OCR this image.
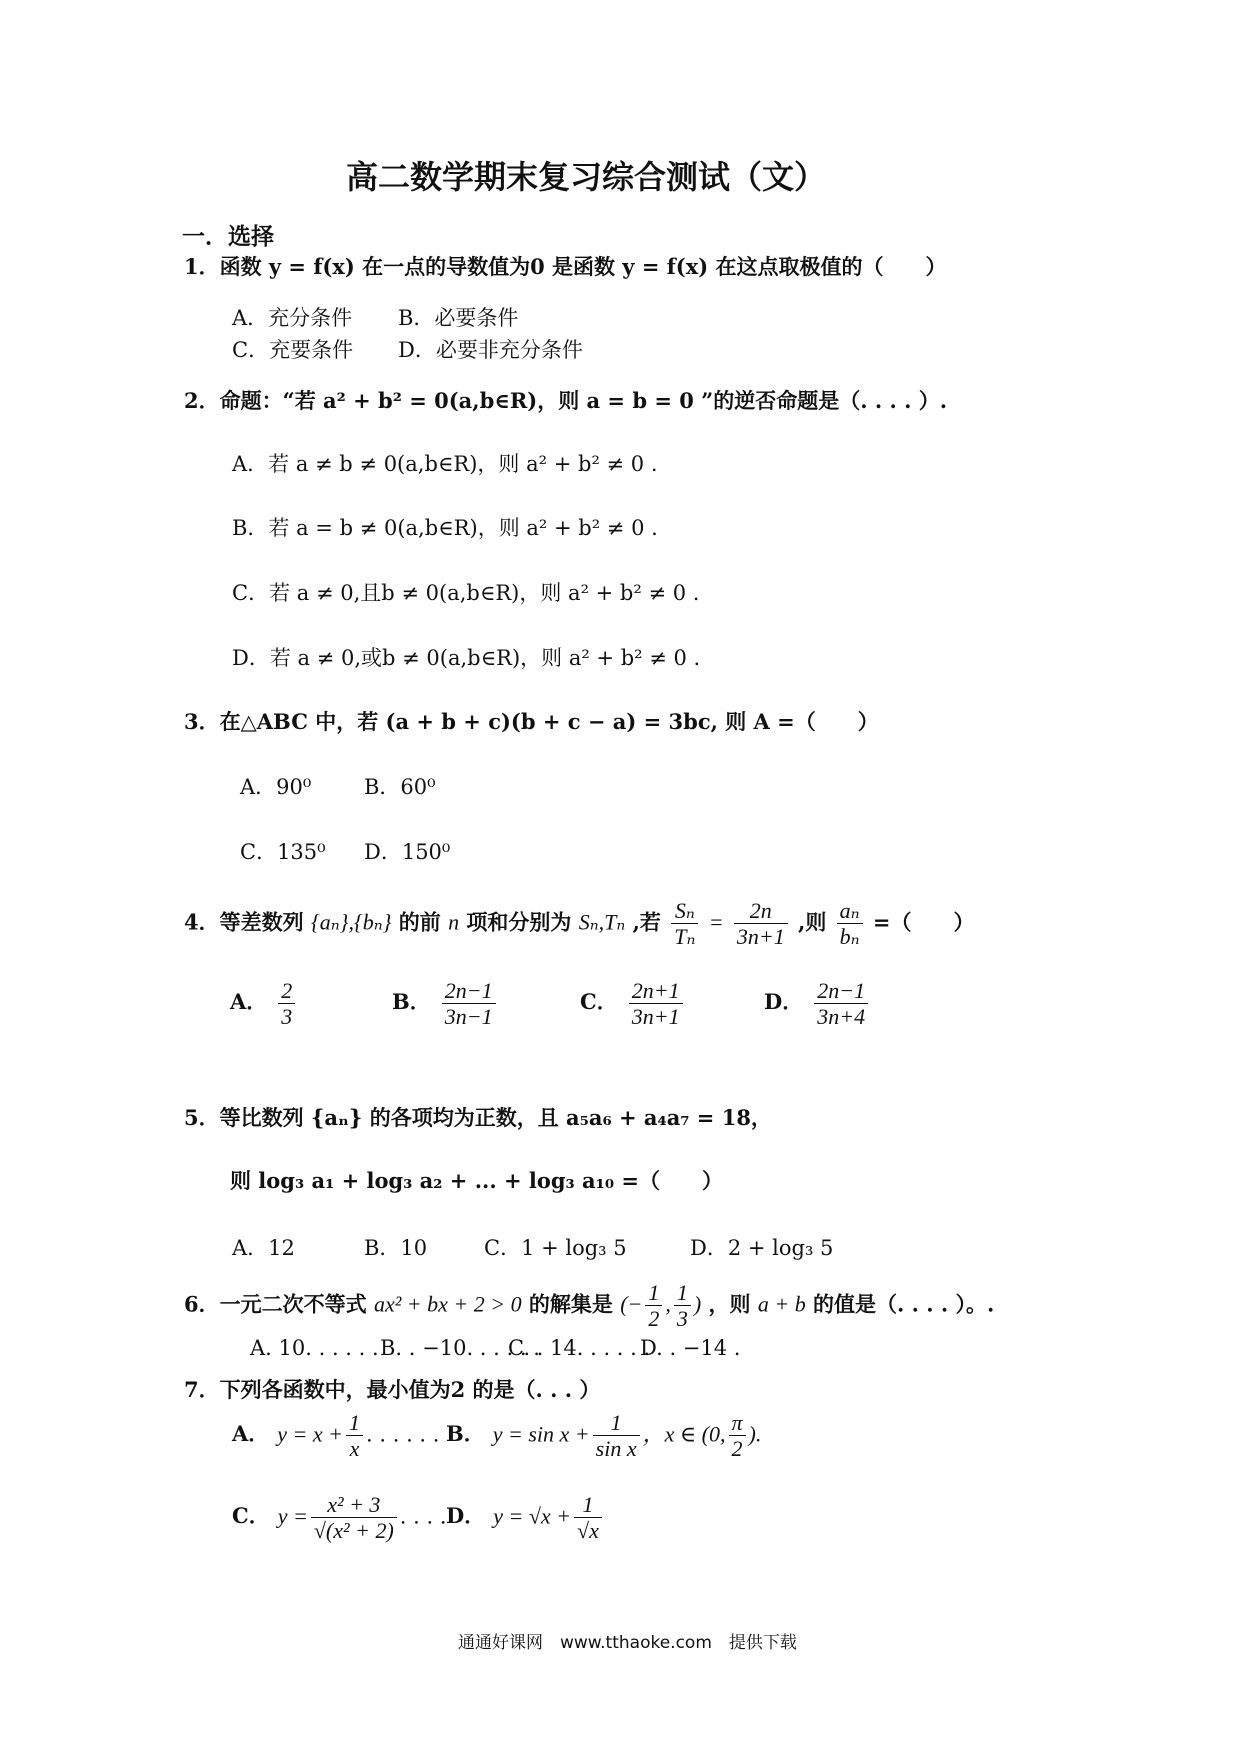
高二数学期末复习综合测试（文）
一．选择
1．函数 y = f(x) 在一点的导数值为0 是函数 y = f(x) 在这点取极值的（　　）
A．充分条件 B．必要条件
C．充要条件 D．必要非充分条件
2．命题：“若 a² + b² = 0(a,b∈R)，则 a = b = 0 ”的逆否命题是（. . . . ）.
A．若 a ≠ b ≠ 0(a,b∈R)，则 a² + b² ≠ 0 .
B．若 a = b ≠ 0(a,b∈R)，则 a² + b² ≠ 0 .
C．若 a ≠ 0,且b ≠ 0(a,b∈R)，则 a² + b² ≠ 0 .
D．若 a ≠ 0,或b ≠ 0(a,b∈R)，则 a² + b² ≠ 0 .
3．在△ABC 中，若 (a + b + c)(b + c − a) = 3bc, 则 A =（　　）
A．90⁰	B．60⁰
C．135⁰ D．150⁰
4．等差数列 {aₙ},{bₙ} 的前 n 项和分别为 Sₙ,Tₙ ,若 $\frac{\text{Sₙ}}{\text{Tₙ}} = \frac{2n}{3n+1}$ ,则 $\frac{\text{aₙ}}{\text{bₙ}}$ =（　　）
A． $\frac{2}{3}$	B． $\frac{2n-1}{3n-1}$	C． $\frac{2n+1}{3n+1}$	D． $\frac{2n-1}{3n+4}$
5．等比数列 {aₙ} 的各项均为正数，且 a₅a₆ + a₄a₇ = 18，
则 log₃ a₁ + log₃ a₂ + ... + log₃ a₁₀ =（　　）
A．12	B．10	C．1 + log₃ 5	D．2 + log₃ 5
6．一元二次不等式 ax² + bx + 2 > 0 的解集是 (− $\frac{1}{2}$ , $\frac{1}{3}$ ) ，则 a + b 的值是（. . . . ）。.
A. 10. . . . . . B. . −10. . . . . .
C. . 14. . . . . .
D. . −14 .
7．下列各函数中，最小值为2 的是（. . . ）
A． $y = x + \frac{1}{x}$ . . . . . . B． $y = \sin x + \frac{1}{\text{sin x}}$ ，x ∈ (0, $\frac{\pi}{2}$ ).
C． $y = \frac{\text{x² + 3}}{\text{√(x² + 2)}}$ . . . . D． $y = √x + \frac{1}{√x}$
通通好课网　www.tthaoke.com　提供下载
